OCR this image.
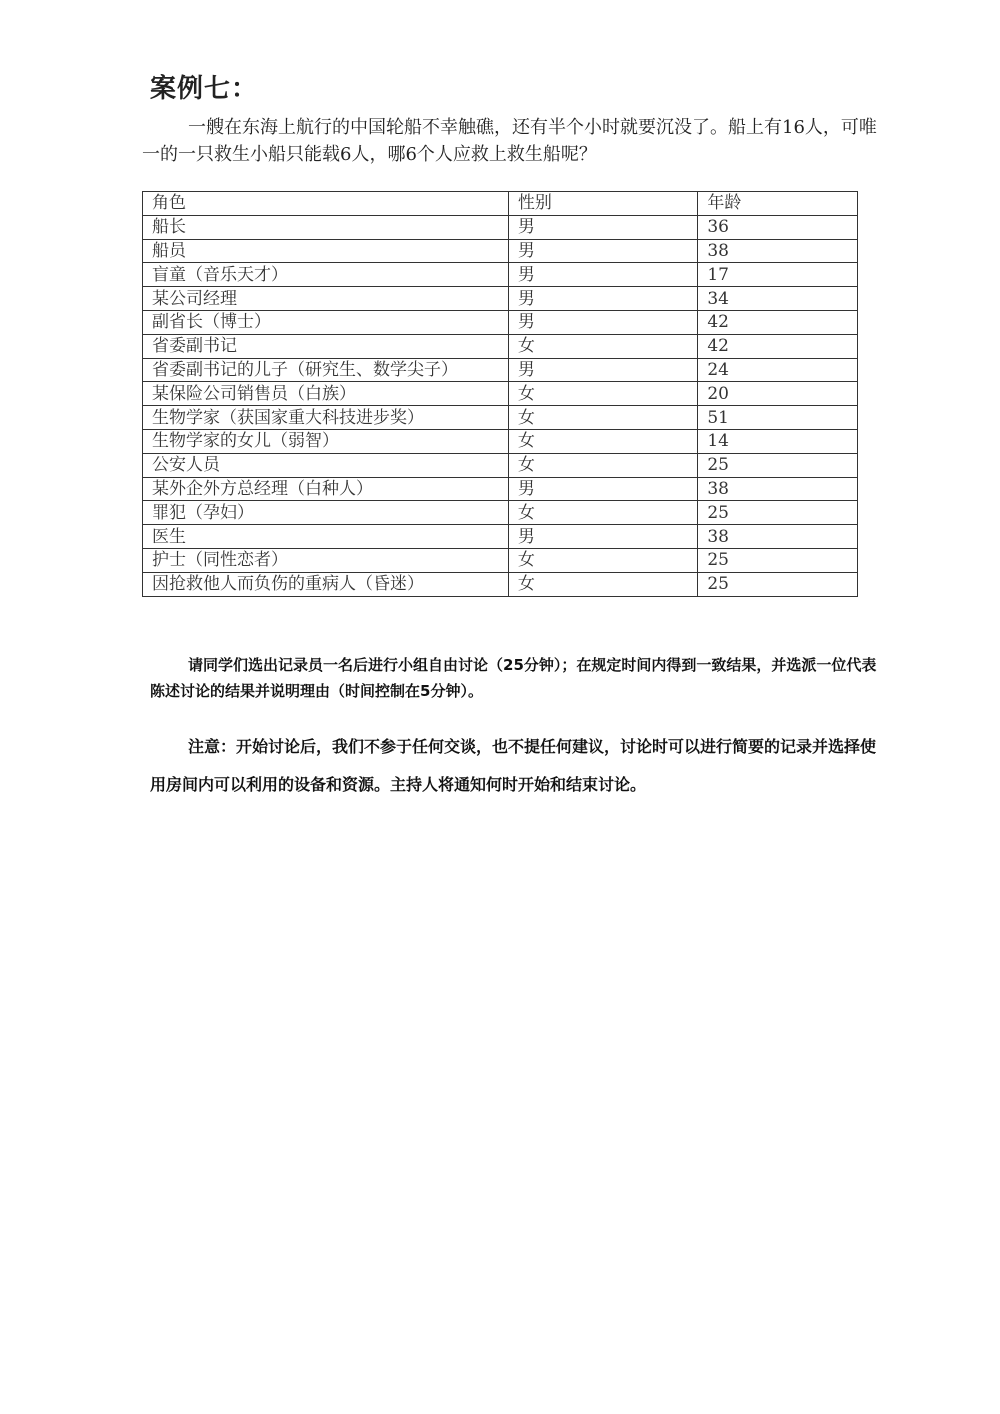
案例七：
一艘在东海上航行的中国轮船不幸触礁，还有半个小时就要沉没了。船上有16人，可唯一的一只救生小船只能载6人，哪6个人应救上救生船呢？
角色	性别	年龄
船长	男	36
船员	男	38
盲童（音乐天才）	男	17
某公司经理	男	34
副省长（博士）	男	42
省委副书记	女	42
省委副书记的儿子（研究生、数学尖子）	男	24
某保险公司销售员（白族）	女	20
生物学家（获国家重大科技进步奖）	女	51
生物学家的女儿（弱智）	女	14
公安人员	女	25
某外企外方总经理（白种人）	男	38
罪犯（孕妇）	女	25
医生	男	38
护士（同性恋者）	女	25
因抢救他人而负伤的重病人（昏迷）	女	25
请同学们选出记录员一名后进行小组自由讨论（25分钟）；在规定时间内得到一致结果，并选派一位代表陈述讨论的结果并说明理由（时间控制在5分钟）。
注意：开始讨论后，我们不参于任何交谈，也不提任何建议，讨论时可以进行简要的记录并选择使用房间内可以利用的设备和资源。主持人将通知何时开始和结束讨论。
